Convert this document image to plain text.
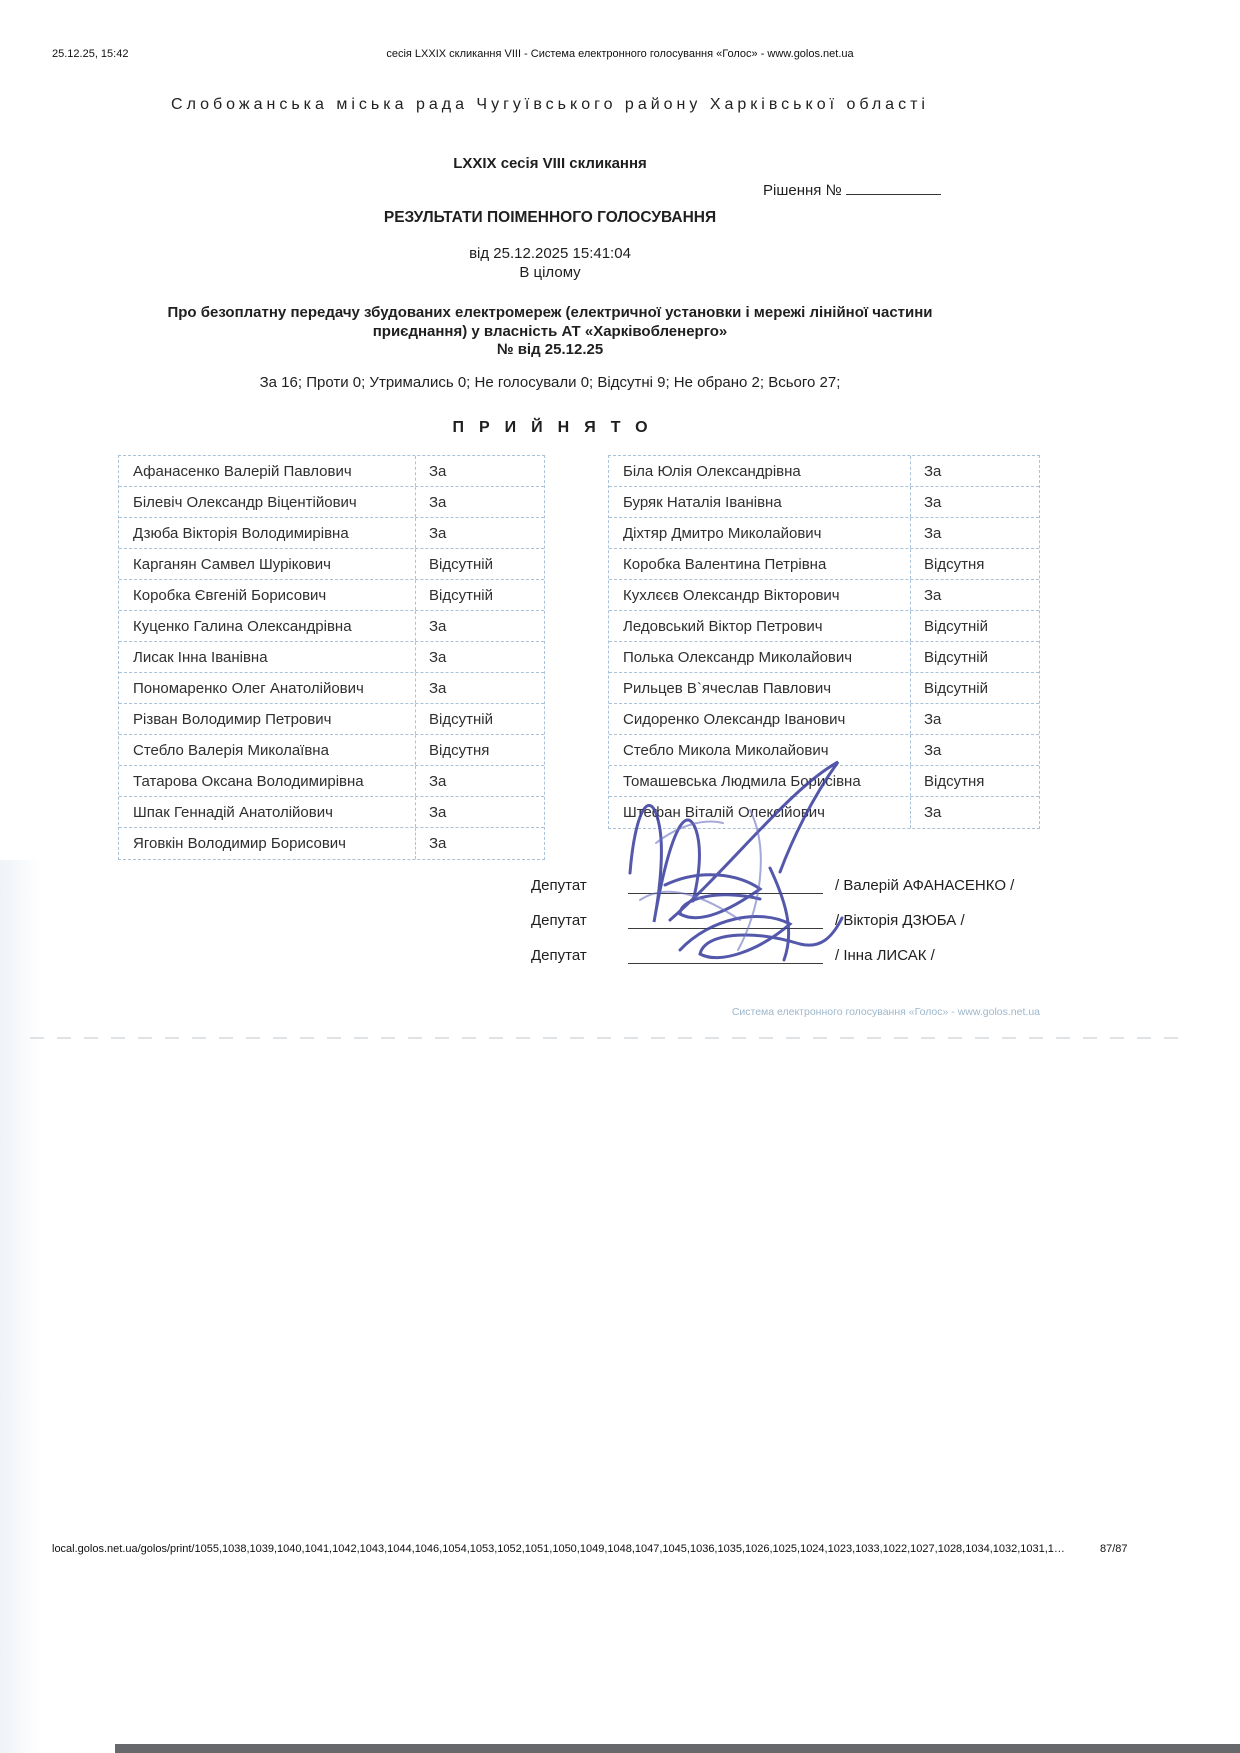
25.12.25, 15:42	сесія LXXIX скликання VIII - Система електронного голосування «Голос» - www.golos.net.ua
Слобожанська міська рада Чугуївського району Харківської області
LXXIX сесія VIII скликання
Рішення №
РЕЗУЛЬТАТИ ПОІМЕННОГО ГОЛОСУВАННЯ
від 25.12.2025 15:41:04
В цілому
Про безоплатну передачу збудованих електромереж (електричної установки і мережі лінійної частини приєднання) у власність АТ «Харківобленерго»
№ від 25.12.25
За 16; Проти 0; Утримались 0; Не голосували 0; Відсутні 9; Не обрано 2; Всього 27;
ПРИЙНЯТО
Афанасенко Валерій Павлович	За
Білевіч Олександр Віцентійович	За
Дзюба Вікторія Володимирівна	За
Карганян Самвел Шурікович	Відсутній
Коробка Євгеній Борисович	Відсутній
Куценко Галина Олександрівна	За
Лисак Інна Іванівна	За
Пономаренко Олег Анатолійович	За
Різван Володимир Петрович	Відсутній
Стебло Валерія Миколаївна	Відсутня
Татарова Оксана Володимирівна	За
Шпак Геннадій Анатолійович	За
Яговкін Володимир Борисович	За
Біла Юлія Олександрівна	За
Буряк Наталія Іванівна	За
Діхтяр Дмитро Миколайович	За
Коробка Валентина Петрівна	Відсутня
Кухлєєв Олександр Вікторович	За
Ледовський Віктор Петрович	Відсутній
Полька Олександр Миколайович	Відсутній
Рильцев В`ячеслав Павлович	Відсутній
Сидоренко Олександр Іванович	За
Стебло Микола Миколайович	За
Томашевська Людмила Борисівна	Відсутня
Штефан Віталій Олексійович	За
Депутат	/ Валерій АФАНАСЕНКО /
Депутат	/ Вікторія ДЗЮБА /
Депутат	/ Інна ЛИСАК /
Система електронного голосування «Голос» - www.golos.net.ua
local.golos.net.ua/golos/print/1055,1038,1039,1040,1041,1042,1043,1044,1046,1054,1053,1052,1051,1050,1049,1048,1047,1045,1036,1035,1026,1025,1024,1023,1033,1022,1027,1028,1034,1032,1031,1…	87/87
